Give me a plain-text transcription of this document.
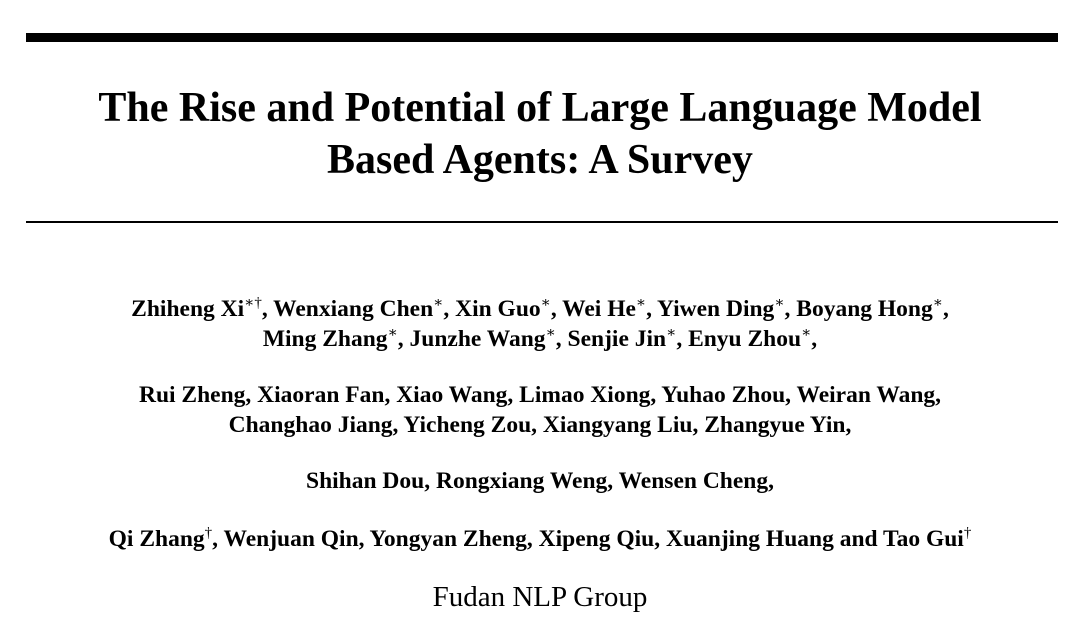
The Rise and Potential of Large Language Model
Based Agents: A Survey
Zhiheng Xi∗†, Wenxiang Chen∗, Xin Guo∗, Wei He∗, Yiwen Ding∗, Boyang Hong∗,
Ming Zhang∗, Junzhe Wang∗, Senjie Jin∗, Enyu Zhou∗,
Rui Zheng, Xiaoran Fan, Xiao Wang, Limao Xiong, Yuhao Zhou, Weiran Wang,
Changhao Jiang, Yicheng Zou, Xiangyang Liu, Zhangyue Yin,
Shihan Dou, Rongxiang Weng, Wensen Cheng,
Qi Zhang†, Wenjuan Qin, Yongyan Zheng, Xipeng Qiu, Xuanjing Huang and Tao Gui†
Fudan NLP Group
